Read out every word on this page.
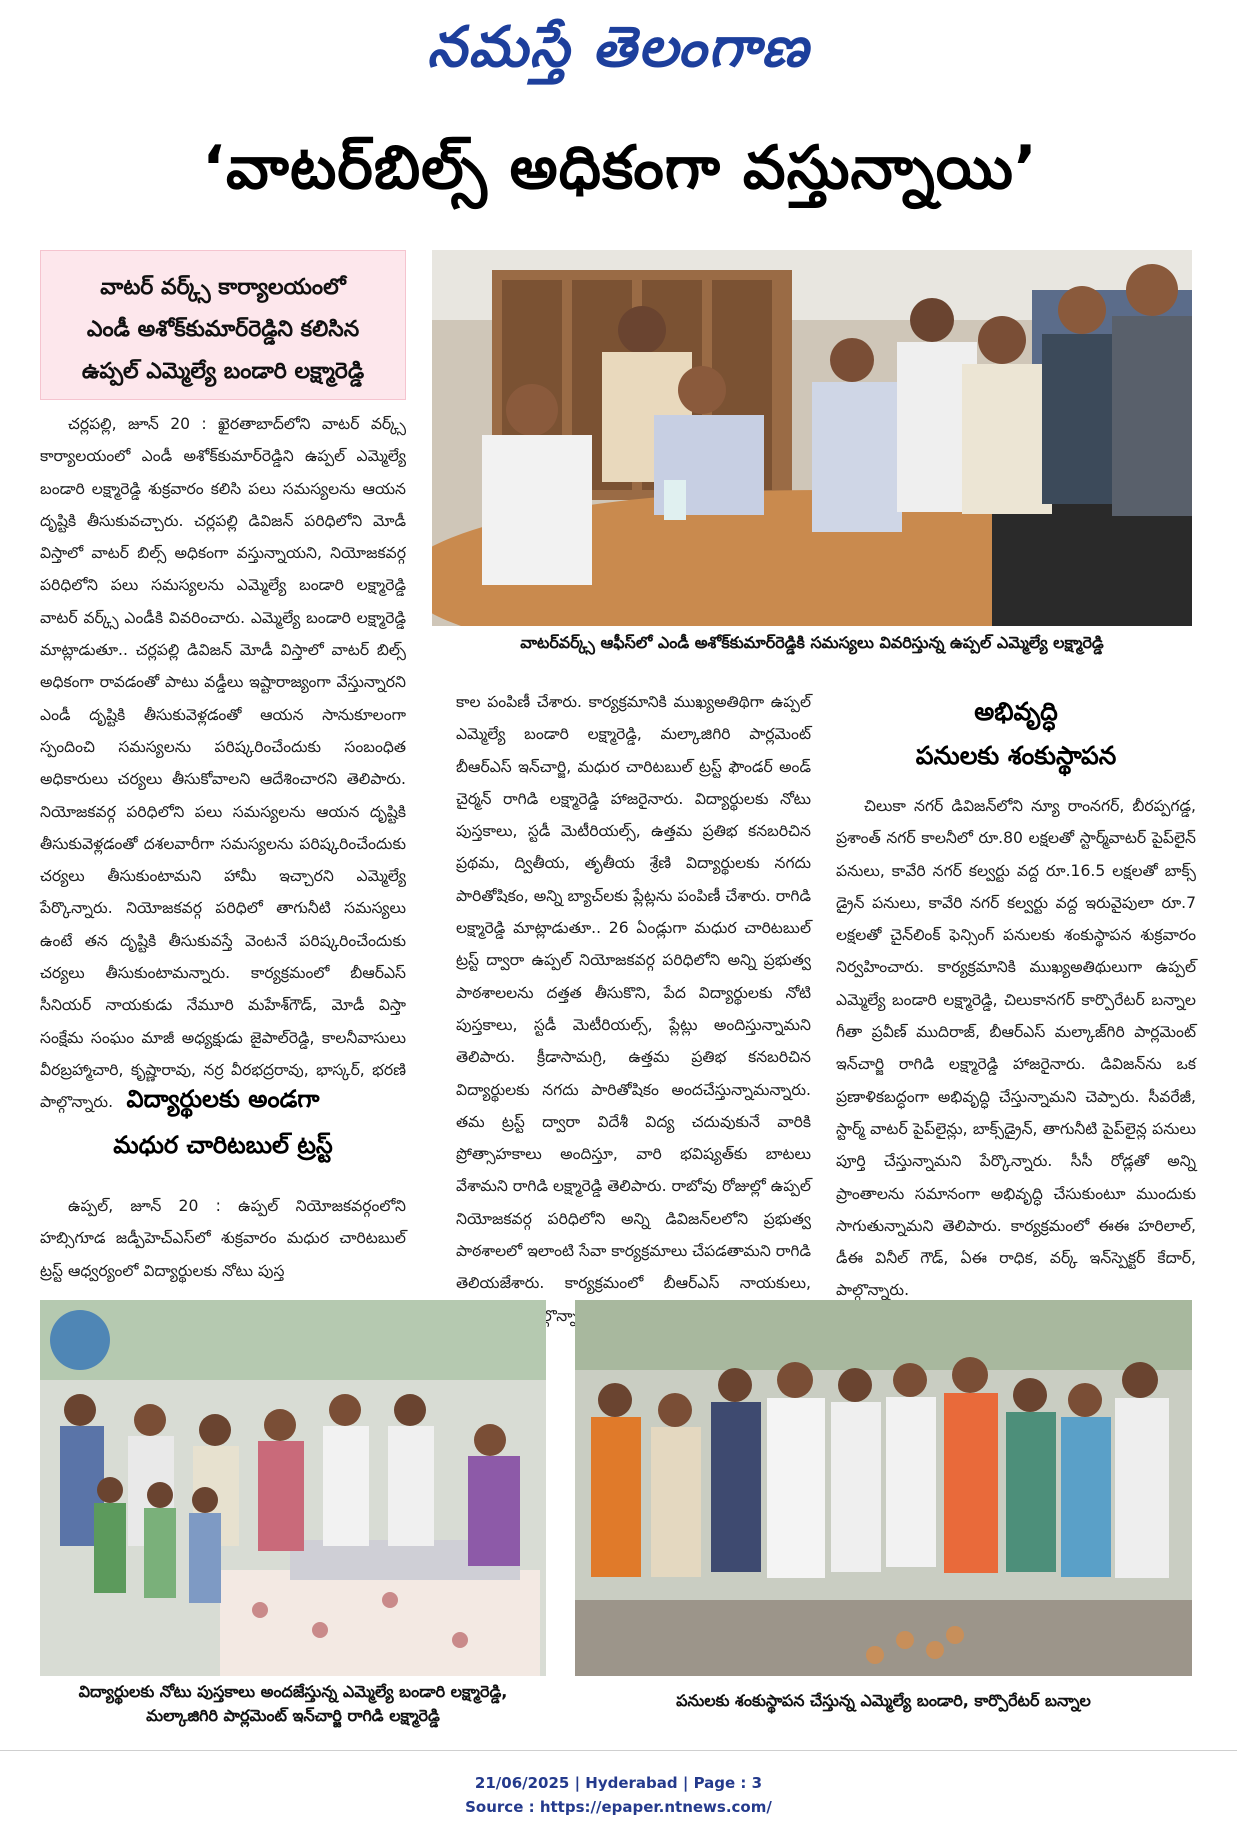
నమస్తే తెలంగాణ
‘వాటర్‌బిల్స్ అధికంగా వస్తున్నాయి’
వాటర్ వర్క్స్ కార్యాలయంలో
ఎండీ అశోక్‌కుమార్‌రెడ్డిని కలిసిన
ఉప్పల్ ఎమ్మెల్యే బండారి లక్ష్మారెడ్డి
వాటర్‌వర్క్స్ ఆఫీస్‌లో ఎండీ అశోక్‌కుమార్‌రెడ్డికి సమస్యలు వివరిస్తున్న ఉప్పల్ ఎమ్మెల్యే లక్ష్మారెడ్డి

చర్లపల్లి, జూన్ 20 : ఖైరతాబాద్‌లోని వాటర్ వర్క్స్ కార్యాలయంలో ఎండీ అశోక్‌కుమార్‌రెడ్డిని ఉప్పల్ ఎమ్మెల్యే బండారి లక్ష్మారెడ్డి శుక్రవారం కలిసి పలు సమస్యలను ఆయన దృష్టికి తీసుకువచ్చారు. చర్లపల్లి డివిజన్ పరిధిలోని మోడీ విస్తాలో వాటర్ బిల్స్ అధికంగా వస్తున్నాయని, నియోజకవర్గ పరిధిలోని పలు సమస్యలను ఎమ్మెల్యే బండారి లక్ష్మారెడ్డి వాటర్ వర్క్స్ ఎండీకి వివరించారు. ఎమ్మెల్యే బండారి లక్ష్మారెడ్డి మాట్లాడుతూ.. చర్లపల్లి డివిజన్ మోడీ విస్తాలో వాటర్ బిల్స్ అధికంగా రావడంతో పాటు వడ్డీలు ఇష్టారాజ్యంగా వేస్తున్నారని ఎండీ దృష్టికి తీసుకువెళ్లడంతో ఆయన సానుకూలంగా స్పందించి సమస్యలను పరిష్కరించేందుకు సంబంధిత అధికారులు చర్యలు తీసుకోవాలని ఆదేశించారని తెలిపారు. నియోజకవర్గ పరిధిలోని పలు సమస్యలను ఆయన దృష్టికి తీసుకువెళ్లడంతో దశలవారీగా సమస్యలను పరిష్కరించేందుకు చర్యలు తీసుకుంటామని హామీ ఇచ్చారని ఎమ్మెల్యే పేర్కొన్నారు. నియోజకవర్గ పరిధిలో తాగునీటి సమస్యలు ఉంటే తన దృష్టికి తీసుకువస్తే వెంటనే పరిష్కరించేందుకు చర్యలు తీసుకుంటామన్నారు. కార్యక్రమంలో బీఆర్‌ఎస్ సీనియర్ నాయకుడు నేమూరి మహేశ్‌గౌడ్, మోడీ విస్తా సంక్షేమ సంఘం మాజీ అధ్యక్షుడు జైపాల్‌రెడ్డి, కాలనీవాసులు వీరబ్రహ్మాచారి, కృష్ణారావు, నర్ర వీరభద్రరావు, భాస్కర్, భరణి పాల్గొన్నారు. విద్యార్థులకు అండగా
మధుర చారిటబుల్ ట్రస్ట్

ఉప్పల్, జూన్ 20 : ఉప్పల్ నియోజకవర్గంలోని హబ్సిగూడ జడ్పీహెచ్‌ఎస్‌లో శుక్రవారం మధుర చారిటబుల్ ట్రస్ట్ ఆధ్వర్యంలో విద్యార్థులకు నోటు పుస్త

కాల పంపిణీ చేశారు. కార్యక్రమానికి ముఖ్యఅతిథిగా ఉప్పల్ ఎమ్మెల్యే బండారి లక్ష్మారెడ్డి, మల్కాజిగిరి పార్లమెంట్ బీఆర్‌ఎస్ ఇన్‌చార్జి, మధుర చారిటబుల్ ట్రస్ట్ ఫౌండర్ అండ్ చైర్మన్ రాగిడి లక్ష్మారెడ్డి హాజరైనారు. విద్యార్థులకు నోటు పుస్తకాలు, స్టడీ మెటీరియల్స్, ఉత్తమ ప్రతిభ కనబరిచిన ప్రథమ, ద్వితీయ, తృతీయ శ్రేణి విద్యార్థులకు నగదు పారితోషికం, అన్ని బ్యాచ్‌లకు ప్లేట్లను పంపిణీ చేశారు. రాగిడి లక్ష్మారెడ్డి మాట్లాడుతూ.. 26 ఏండ్లుగా మధుర చారిటబుల్ ట్రస్ట్ ద్వారా ఉప్పల్ నియోజకవర్గ పరిధిలోని అన్ని ప్రభుత్వ పాఠశాలలను దత్తత తీసుకొని, పేద విద్యార్థులకు నోటి పుస్తకాలు, స్టడీ మెటీరియల్స్, ప్లేట్లు అందిస్తున్నామని తెలిపారు. క్రీడాసామగ్రి, ఉత్తమ ప్రతిభ కనబరిచిన విద్యార్థులకు నగదు పారితోషికం అందచేస్తున్నామన్నారు. తమ ట్రస్ట్ ద్వారా విదేశీ విద్య చదువుకునే వారికి ప్రోత్సాహకాలు అందిస్తూ, వారి భవిష్యత్‌కు బాటలు వేశామని రాగిడి లక్ష్మారెడ్డి తెలిపారు. రాబోవు రోజుల్లో ఉప్పల్ నియోజకవర్గ పరిధిలోని అన్ని డివిజన్‌లలోని ప్రభుత్వ పాఠశాలలో ఇలాంటి సేవా కార్యక్రమాలు చేపడతామని రాగిడి తెలియజేశారు. కార్యక్రమంలో బీఆర్‌ఎస్ నాయకులు, పాల్గొన్నారు.
అభివృద్ధి
పనులకు శంకుస్థాపన

చిలుకా నగర్ డివిజన్‌లోని న్యూ రాంనగర్, బీరప్పగడ్డ, ప్రశాంత్ నగర్ కాలనీలో రూ.80 లక్షలతో స్టార్మ్‌వాటర్ పైప్‌లైన్ పనులు, కావేరి నగర్ కల్వర్టు వద్ద రూ.16.5 లక్షలతో బాక్స్ డ్రైన్ పనులు, కావేరి నగర్ కల్వర్టు వద్ద ఇరువైపులా రూ.7 లక్షలతో చైన్‌లింక్ ఫెన్సింగ్ పనులకు శంకుస్థాపన శుక్రవారం నిర్వహించారు. కార్యక్రమానికి ముఖ్యఅతిథులుగా ఉప్పల్ ఎమ్మెల్యే బండారి లక్ష్మారెడ్డి, చిలుకానగర్ కార్పొరేటర్ బన్నాల గీతా ప్రవీణ్ ముదిరాజ్, బీఆర్‌ఎస్ మల్కాజ్‌గిరి పార్లమెంట్ ఇన్‌చార్జి రాగిడి లక్ష్మారెడ్డి హాజరైనారు. డివిజన్‌ను ఒక ప్రణాళికబద్ధంగా అభివృద్ధి చేస్తున్నామని చెప్పారు. సీవరేజీ, స్టార్మ్ వాటర్ పైప్‌లైన్లు, బాక్స్‌డ్రైన్, తాగునీటి పైప్‌లైన్ల పనులు పూర్తి చేస్తున్నామని పేర్కొన్నారు. సీసీ రోడ్లతో అన్ని ప్రాంతాలను సమానంగా అభివృద్ధి చేసుకుంటూ ముందుకు సాగుతున్నామని తెలిపారు. కార్యక్రమంలో ఈఈ హరిలాల్, డీఈ వినీల్ గౌడ్, ఏఈ రాధిక, వర్క్ ఇన్‌స్పెక్టర్ కేదార్, పాల్గొన్నారు.

విద్యార్థులకు నోటు పుస్తకాలు అందజేస్తున్న ఎమ్మెల్యే బండారి లక్ష్మారెడ్డి,
మల్కాజిగిరి పార్లమెంట్ ఇన్‌చార్జి రాగిడి లక్ష్మారెడ్డి
పనులకు శంకుస్థాపన చేస్తున్న ఎమ్మెల్యే బండారి, కార్పొరేటర్ బన్నాల
21/06/2025 | Hyderabad | Page : 3
Source : https://epaper.ntnews.com/
